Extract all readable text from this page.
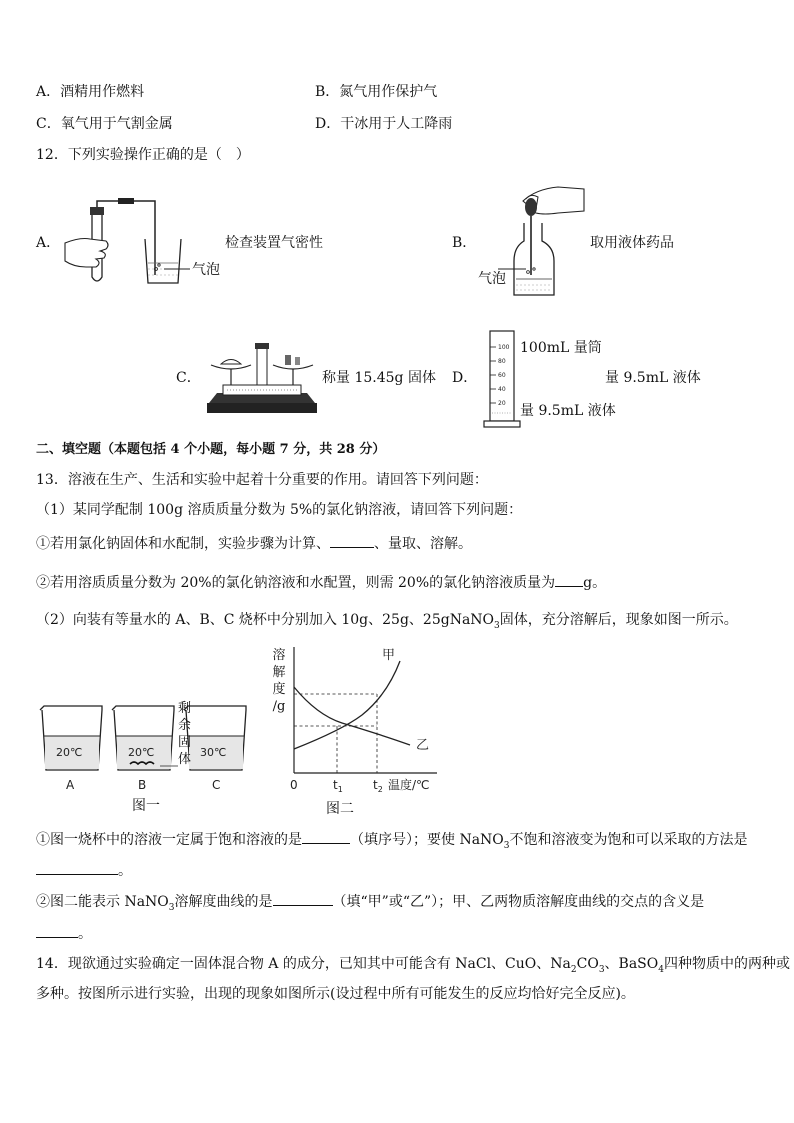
A．酒精用作燃料	B．氮气用作保护气
C．氧气用于气割金属	D．干冰用于人工降雨
12．下列实验操作正确的是（　）
A．
气泡
检查装置气密性	B．
气泡
取用液体药品
C．	称量 15.45g 固体 D．
100
80
60
40
20
100mL 量筒
量 9.5mL 液体
量 9.5mL 液体
二、填空题（本题包括 4 个小题，每小题 7 分，共 28 分）
13．溶液在生产、生活和实验中起着十分重要的作用。请回答下列问题：
（1）某同学配制 100g 溶质质量分数为 5%的氯化钠溶液，请回答下列问题：
①若用氯化钠固体和水配制，实验步骤为计算、	、量取、溶解。
②若用溶质质量分数为 20%的氯化钠溶液和水配置，则需 20%的氯化钠溶液质量为 g。
（2）向装有等量水的 A、B、C 烧杯中分别加入 10g、25g、25gNaNO$_3$固体，充分溶解后，现象如图一所示。
20℃
A
20℃
B
30℃
C
剩
余
固
体
图一
甲
乙
0	$t_1$	$t_2$ 温度/℃
溶
解
度
/g
图二
①图一烧杯中的溶液一定属于饱和溶液的是	（填序号）；要使 NaNO$_3$不饱和溶液变为饱和可以采取的方法是
。
②图二能表示 NaNO$_3$溶解度曲线的是	（填“甲”或“乙”）；甲、乙两物质溶解度曲线的交点的含义是
。
14．现欲通过实验确定一固体混合物 A 的成分，已知其中可能含有 NaCl、CuO、$Na_2CO_3$、BaSO$_4$四种物质中的两种或
多种。按图所示进行实验，出现的现象如图所示(设过程中所有可能发生的反应均恰好完全反应)。
